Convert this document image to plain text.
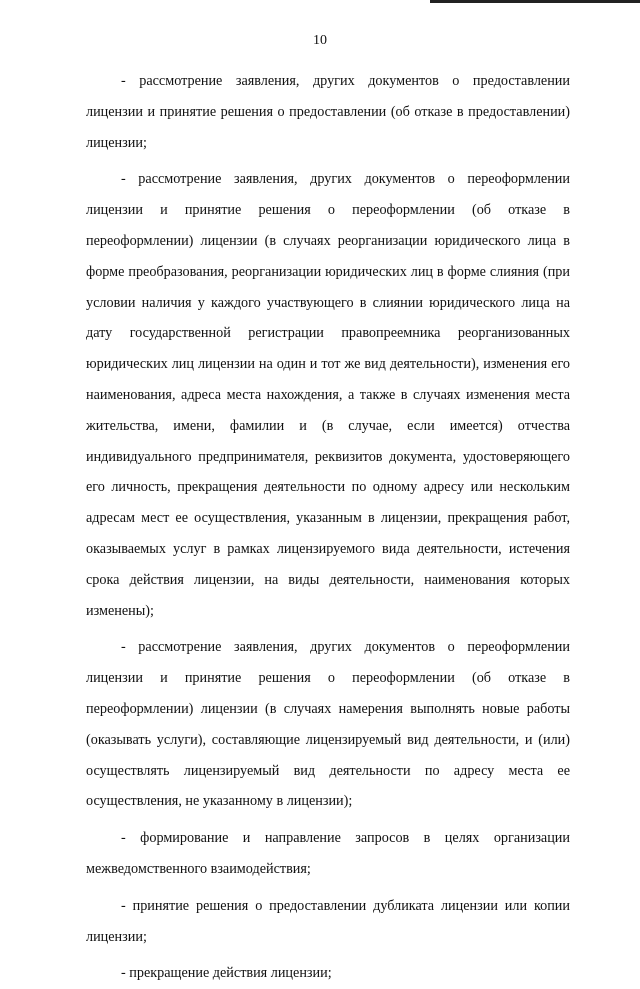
10

- рассмотрение заявления, других документов о предоставлении лицензии и принятие решения о предоставлении (об отказе в предоставлении) лицензии;

- рассмотрение заявления, других документов о переоформлении лицензии и принятие решения о переоформлении (об отказе в переоформлении) лицензии (в случаях реорганизации юридического лица в форме преобразования, реорганизации юридических лиц в форме слияния (при условии наличия у каждого участвующего в слиянии юридического лица на дату государственной регистрации правопреемника реорганизованных юридических лиц лицензии на один и тот же вид деятельности), изменения его наименования, адреса места нахождения, а также в случаях изменения места жительства, имени, фамилии и (в случае, если имеется) отчества индивидуального предпринимателя, реквизитов документа, удостоверяющего его личность, прекращения деятельности по одному адресу или нескольким адресам мест ее осуществления, указанным в лицензии, прекращения работ, оказываемых услуг в рамках лицензируемого вида деятельности, истечения срока действия лицензии, на виды деятельности, наименования которых изменены);

- рассмотрение заявления, других документов о переоформлении лицензии и принятие решения о переоформлении (об отказе в переоформлении) лицензии (в случаях намерения выполнять новые работы (оказывать услуги), составляющие лицензируемый вид деятельности, и (или) осуществлять лицензируемый вид деятельности по адресу места ее осуществления, не указанному в лицензии);

- формирование и направление запросов в целях организации межведомственного взаимодействия;

- принятие решения о предоставлении дубликата лицензии или копии лицензии;

- прекращение действия лицензии;
